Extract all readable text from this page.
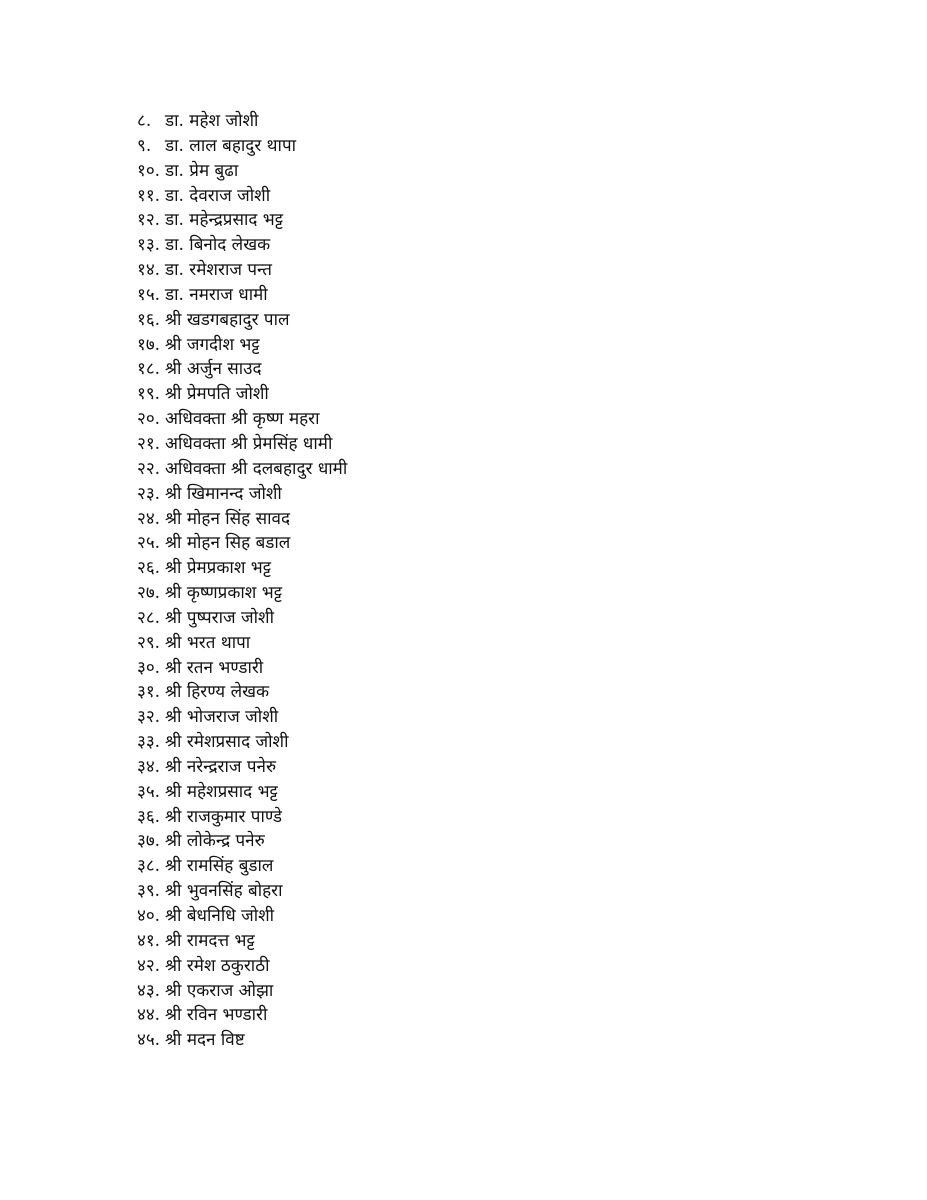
८. डा. महेश जोशी
९. डा. लाल बहादुर थापा
१०. डा. प्रेम बुढा
११. डा. देवराज जोशी
१२. डा. महेन्द्रप्रसाद भट्ट
१३. डा. बिनोद लेखक
१४. डा. रमेशराज पन्त
१५. डा. नमराज धामी
१६. श्री खडगबहादुर पाल
१७. श्री जगदीश भट्ट
१८. श्री अर्जुन साउद
१९. श्री प्रेमपति जोशी
२०. अधिवक्ता श्री कृष्ण महरा
२१. अधिवक्ता श्री प्रेमसिंह धामी
२२. अधिवक्ता श्री दलबहादुर धामी
२३. श्री खिमानन्द जोशी
२४. श्री मोहन सिंह सावद
२५. श्री मोहन सिह बडाल
२६. श्री प्रेमप्रकाश भट्ट
२७. श्री कृष्णप्रकाश भट्ट
२८. श्री पुष्पराज जोशी
२९. श्री भरत थापा
३०. श्री रतन भण्डारी
३१. श्री हिरण्य लेखक
३२. श्री भोजराज जोशी
३३. श्री रमेशप्रसाद जोशी
३४. श्री नरेन्द्रराज पनेरु
३५. श्री महेशप्रसाद भट्ट
३६. श्री राजकुमार पाण्डे
३७. श्री लोकेन्द्र पनेरु
३८. श्री रामसिंह बुडाल
३९. श्री भुवनसिंह बोहरा
४०. श्री बेधनिधि जोशी
४१. श्री रामदत्त भट्ट
४२. श्री रमेश ठकुराठी
४३. श्री एकराज ओझा
४४. श्री रविन भण्डारी
४५. श्री मदन विष्ट
